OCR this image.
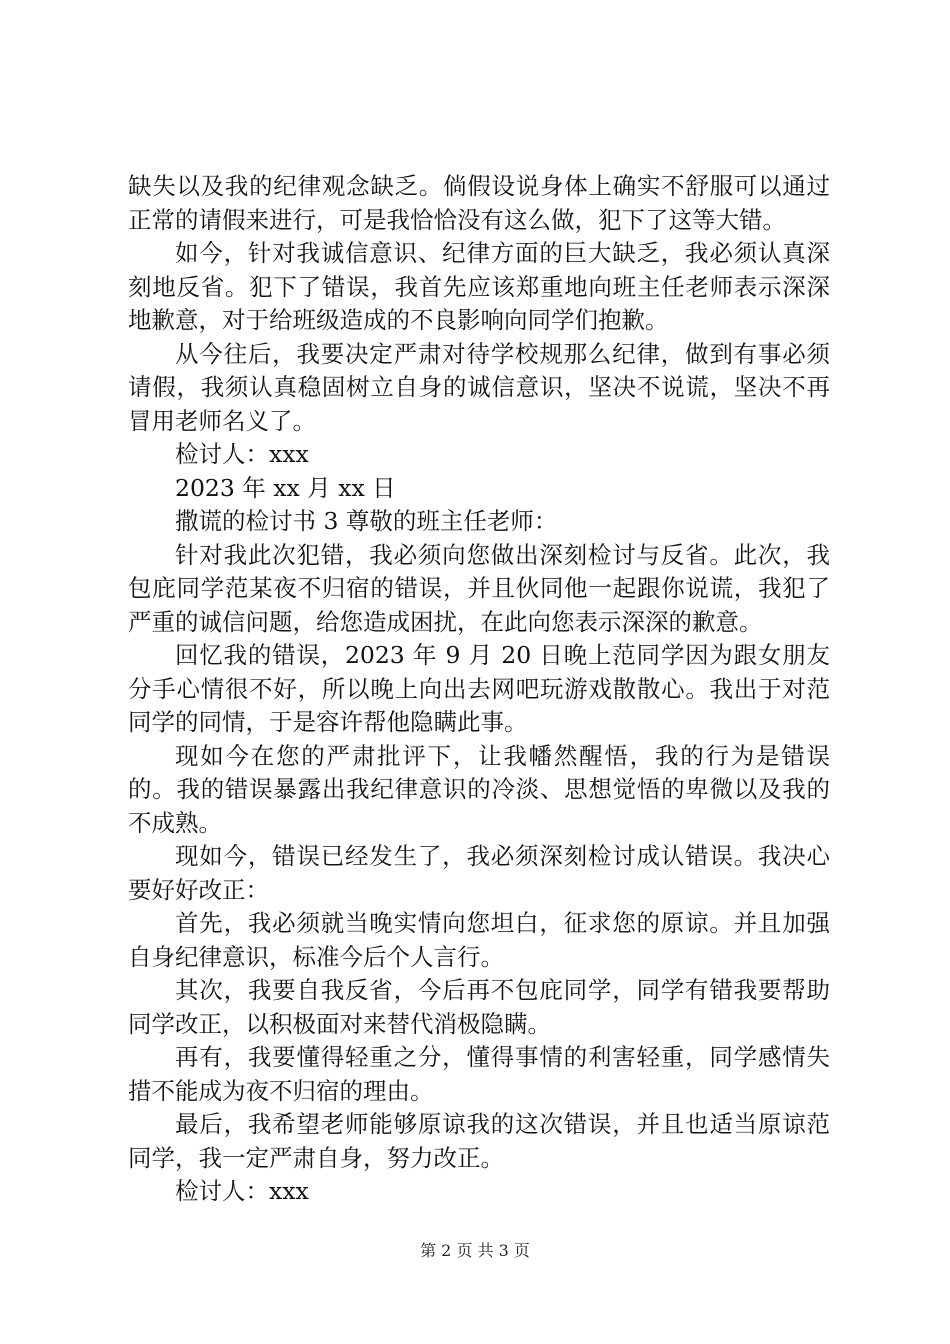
缺失以及我的纪律观念缺乏。倘假设说身体上确实不舒服可以通过正常的请假来进行，可是我恰恰没有这么做，犯下了这等大错。

如今，针对我诚信意识、纪律方面的巨大缺乏，我必须认真深刻地反省。犯下了错误，我首先应该郑重地向班主任老师表示深深地歉意，对于给班级造成的不良影响向同学们抱歉。

从今往后，我要决定严肃对待学校规那么纪律，做到有事必须请假，我须认真稳固树立自身的诚信意识，坚决不说谎，坚决不再冒用老师名义了。

检讨人：xxx

2023 年 xx 月 xx 日

撒谎的检讨书 3 尊敬的班主任老师：

针对我此次犯错，我必须向您做出深刻检讨与反省。此次，我包庇同学范某夜不归宿的错误，并且伙同他一起跟你说谎，我犯了严重的诚信问题，给您造成困扰，在此向您表示深深的歉意。

回忆我的错误，2023 年 9 月 20 日晚上范同学因为跟女朋友分手心情很不好，所以晚上向出去网吧玩游戏散散心。我出于对范同学的同情，于是容许帮他隐瞒此事。

现如今在您的严肃批评下，让我幡然醒悟，我的行为是错误的。我的错误暴露出我纪律意识的冷淡、思想觉悟的卑微以及我的不成熟。

现如今，错误已经发生了，我必须深刻检讨成认错误。我决心要好好改正：

首先，我必须就当晚实情向您坦白，征求您的原谅。并且加强自身纪律意识，标准今后个人言行。

其次，我要自我反省，今后再不包庇同学，同学有错我要帮助同学改正，以积极面对来替代消极隐瞒。

再有，我要懂得轻重之分，懂得事情的利害轻重，同学感情失措不能成为夜不归宿的理由。

最后，我希望老师能够原谅我的这次错误，并且也适当原谅范同学，我一定严肃自身，努力改正。

检讨人：xxx

第 2 页 共 3 页
